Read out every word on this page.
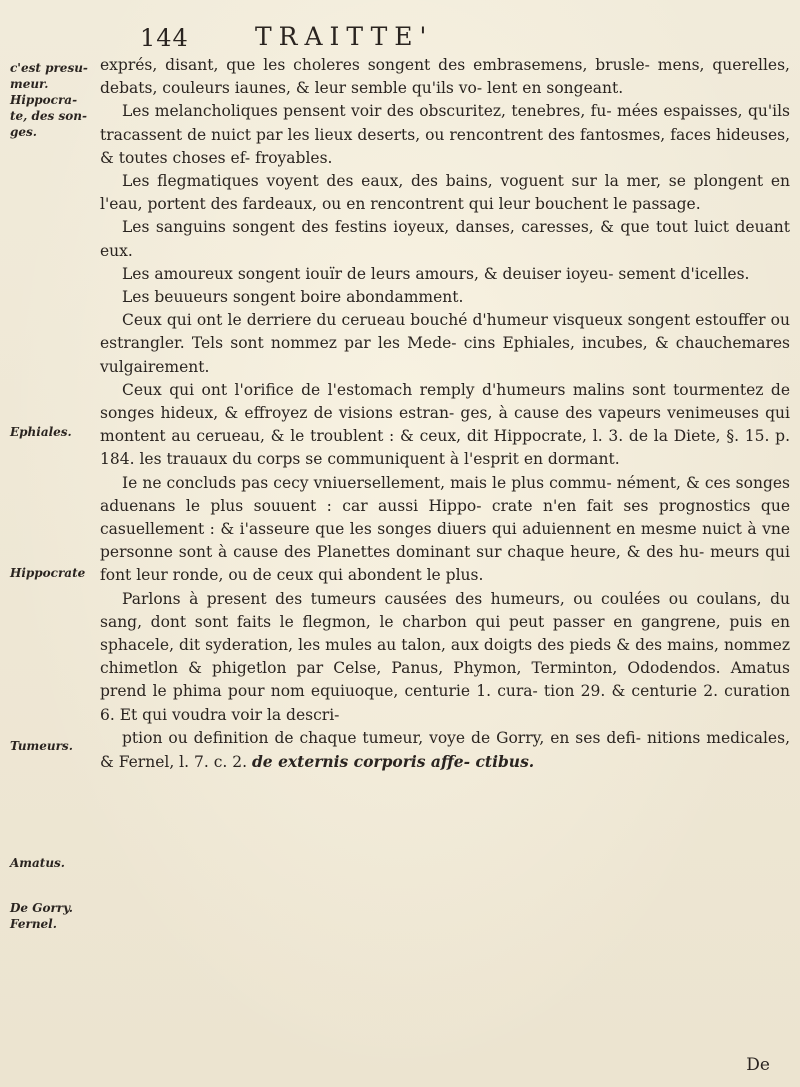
144	TRAITTE'
c'est presu- meur. Hippocra- te, des son- ges.
Ephiales.
Hippocrate
Tumeurs.
Amatus.
De Gorry. Fernel.

exprés, disant, que les choleres songent des embrasemens, brusle- mens, querelles, debats, couleurs iaunes, & leur semble qu'ils vo- lent en songeant.

Les melancholiques pensent voir des obscuritez, tenebres, fu- mées espaisses, qu'ils tracassent de nuict par les lieux deserts, ou rencontrent des fantosmes, faces hideuses, & toutes choses ef- froyables.

Les flegmatiques voyent des eaux, des bains, voguent sur la mer, se plongent en l'eau, portent des fardeaux, ou en rencontrent qui leur bouchent le passage.

Les sanguins songent des festins ioyeux, danses, caresses, & que tout luict deuant eux.

Les amoureux songent iouïr de leurs amours, & deuiser ioyeu- sement d'icelles.

Les beuueurs songent boire abondamment.

Ceux qui ont le derriere du cerueau bouché d'humeur visqueux songent estouffer ou estrangler. Tels sont nommez par les Mede- cins Ephiales, incubes, & chauchemares vulgairement.

Ceux qui ont l'orifice de l'estomach remply d'humeurs malins sont tourmentez de songes hideux, & effroyez de visions estran- ges, à cause des vapeurs venimeuses qui montent au cerueau, & le troublent : & ceux, dit Hippocrate, l. 3. de la Diete, §. 15. p. 184. les trauaux du corps se communiquent à l'esprit en dormant.

Ie ne concluds pas cecy vniuersellement, mais le plus commu- nément, & ces songes aduenans le plus souuent : car aussi Hippo- crate n'en fait ses prognostics que casuellement : & i'asseure que les songes diuers qui aduiennent en mesme nuict à vne personne sont à cause des Planettes dominant sur chaque heure, & des hu- meurs qui font leur ronde, ou de ceux qui abondent le plus.

Parlons à present des tumeurs causées des humeurs, ou coulées ou coulans, du sang, dont sont faits le flegmon, le charbon qui peut passer en gangrene, puis en sphacele, dit syderation, les mules au talon, aux doigts des pieds & des mains, nommez chimetlon & phigetlon par Celse, Panus, Phymon, Terminton, Ododendos. Amatus prend le phima pour nom equiuoque, centurie 1. cura- tion 29. & centurie 2. curation 6. Et qui voudra voir la descri-

ption ou definition de chaque tumeur, voye de Gorry, en ses defi- nitions medicales, & Fernel, l. 7. c. 2. de externis corporis affe- ctibus.

De
